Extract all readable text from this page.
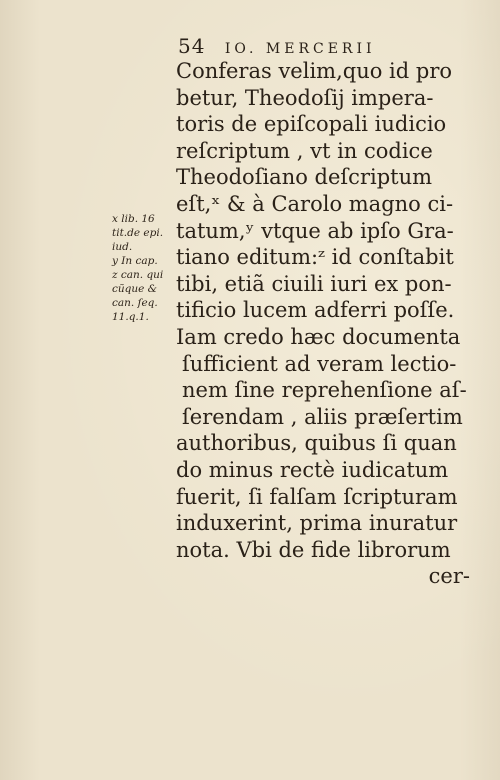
54 IO. MERCERII
x lib. 16
tit.de epi.
iud.
y In cap.
z can. qui
cũque &
can. ſeq.
11.q.1.
Conferas velim,quo id pro
betur, Theodoſij impera-
toris de epiſcopali iudicio
reſcriptum , vt in codice
Theodoſiano deſcriptum
eſt,ˣ & à Carolo magno ci-
tatum,ʸ vtque ab ipſo Gra-
tiano editum:ᶻ id conſtabit
tibi, etiã ciuili iuri ex pon-
tificio lucem adferri poſſe.
Iam credo hæc documenta
ſufficient ad veram lectio-
nem ſine reprehenſione aſ-
ſerendam , aliis præſertim
authoribus, quibus ſi quan
do minus rectè iudicatum
fuerit, ſi falſam ſcripturam
induxerint, prima inuratur
nota. Vbi de fide librorum
cer-
